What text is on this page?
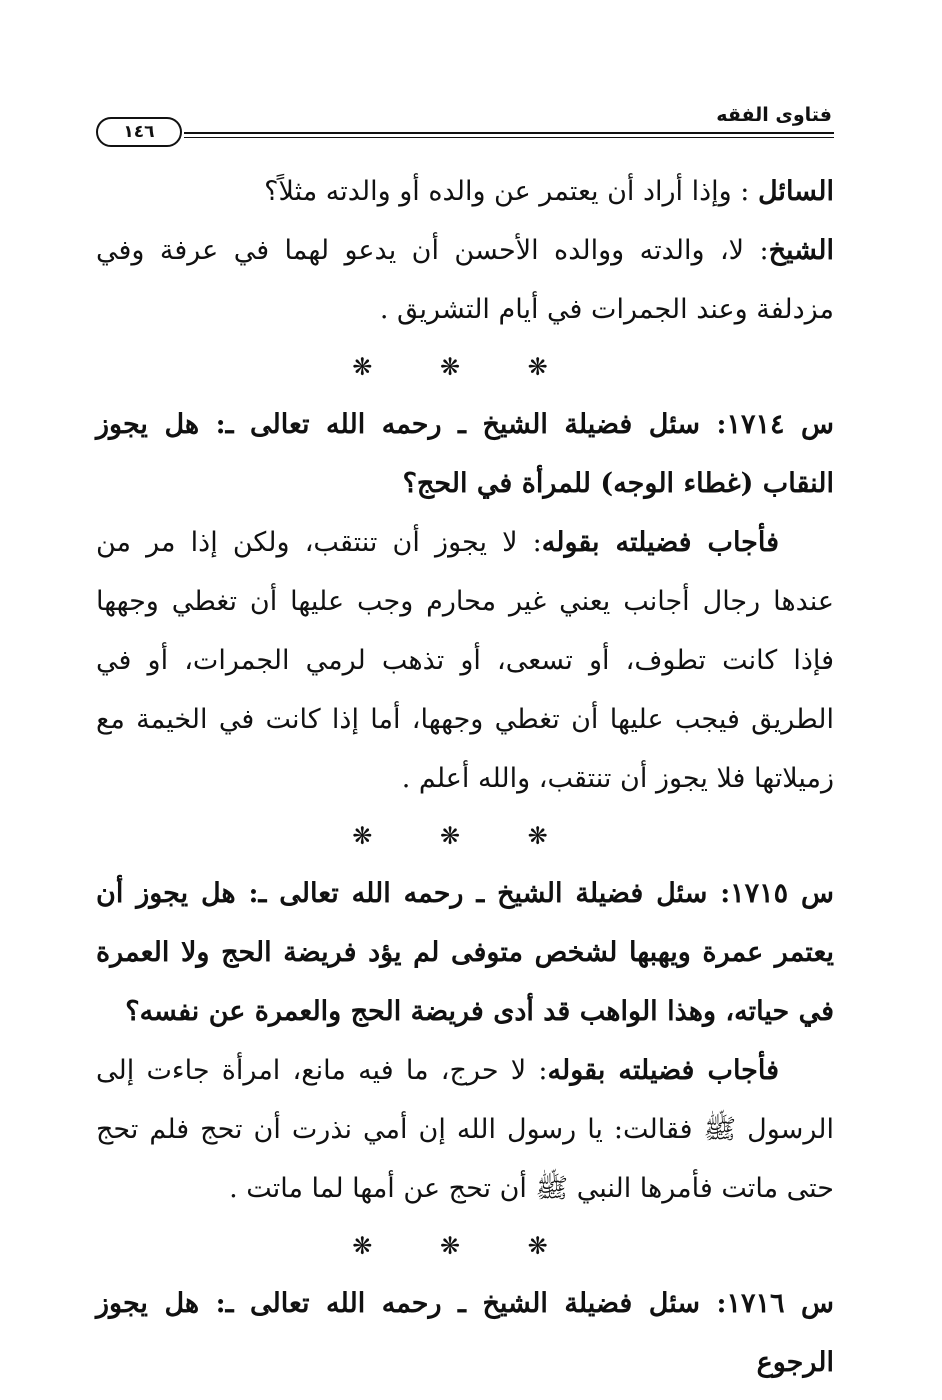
فتاوى الفقه
١٤٦

السائل : وإذا أراد أن يعتمر عن والده أو والدته مثلاً؟

الشيخ: لا، والدته ووالده الأحسن أن يدعو لهما في عرفة وفي مزدلفة وعند الجمرات في أيام التشريق .

❋ ❋ ❋

س ١٧١٤: سئل فضيلة الشيخ ـ رحمه الله تعالى ـ: هل يجوز النقاب (غطاء الوجه) للمرأة في الحج؟

فأجاب فضيلته بقوله: لا يجوز أن تنتقب، ولكن إذا مر من عندها رجال أجانب يعني غير محارم وجب عليها أن تغطي وجهها فإذا كانت تطوف، أو تسعى، أو تذهب لرمي الجمرات، أو في الطريق فيجب عليها أن تغطي وجهها، أما إذا كانت في الخيمة مع زميلاتها فلا يجوز أن تنتقب، والله أعلم .

❋ ❋ ❋

س ١٧١٥: سئل فضيلة الشيخ ـ رحمه الله تعالى ـ: هل يجوز أن يعتمر عمرة ويهبها لشخص متوفى لم يؤد فريضة الحج ولا العمرة في حياته، وهذا الواهب قد أدى فريضة الحج والعمرة عن نفسه؟

فأجاب فضيلته بقوله: لا حرج، ما فيه مانع، امرأة جاءت إلى الرسول ﷺ فقالت: يا رسول الله إن أمي نذرت أن تحج فلم تحج حتى ماتت فأمرها النبي ﷺ أن تحج عن أمها لما ماتت .

❋ ❋ ❋

س ١٧١٦: سئل فضيلة الشيخ ـ رحمه الله تعالى ـ: هل يجوز الرجوع
